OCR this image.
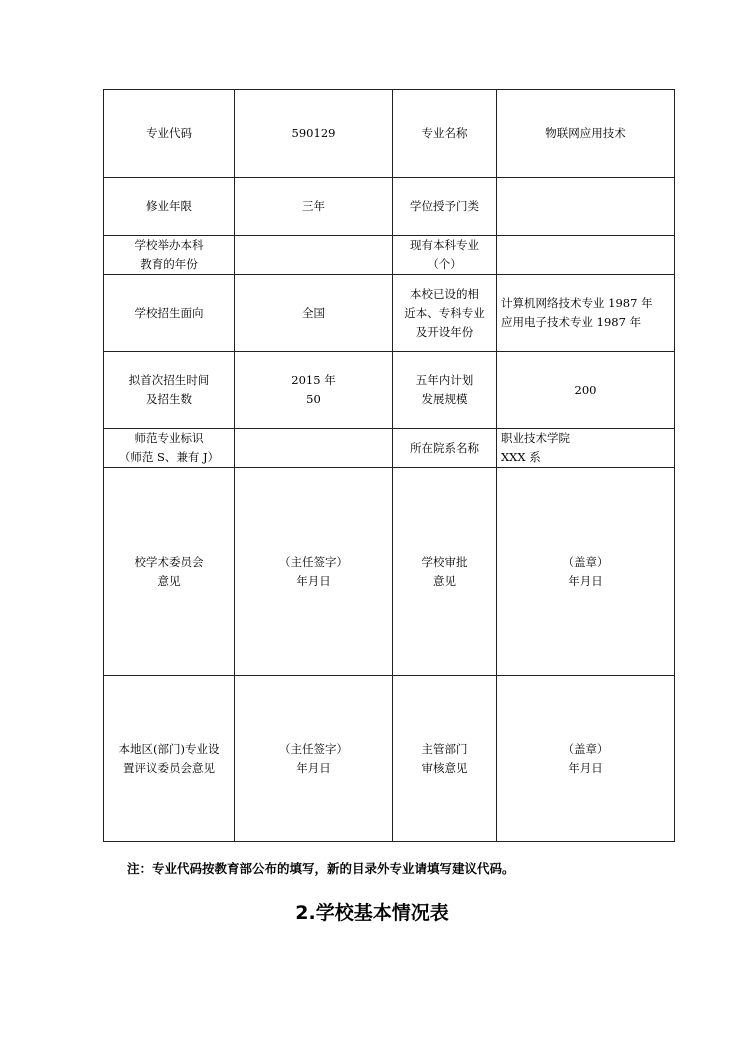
专业代码	590129	专业名称	物联网应用技术
修业年限	三年	学位授予门类	

学校举办本科
教育的年份		现有本科专业
（个）	

学校招生面向	全国	本校已设的相
近本、专科专业
及开设年份	计算机网络技术专业 1987 年
应用电子技术专业 1987 年

拟首次招生时间
及招生数	2015 年
50	五年内计划
发展规模	200

师范专业标识
（师范 S、兼有 J）		所在院系名称	职业技术学院
XXX 系

校学术委员会
意见	（主任签字）
年月日	学校审批
意见	（盖章）
年月日

本地区(部门)专业设
置评议委员会意见	（主任签字）
年月日	主管部门
审核意见	（盖章）
年月日
注：专业代码按教育部公布的填写，新的目录外专业请填写建议代码。
2.学校基本情况表
